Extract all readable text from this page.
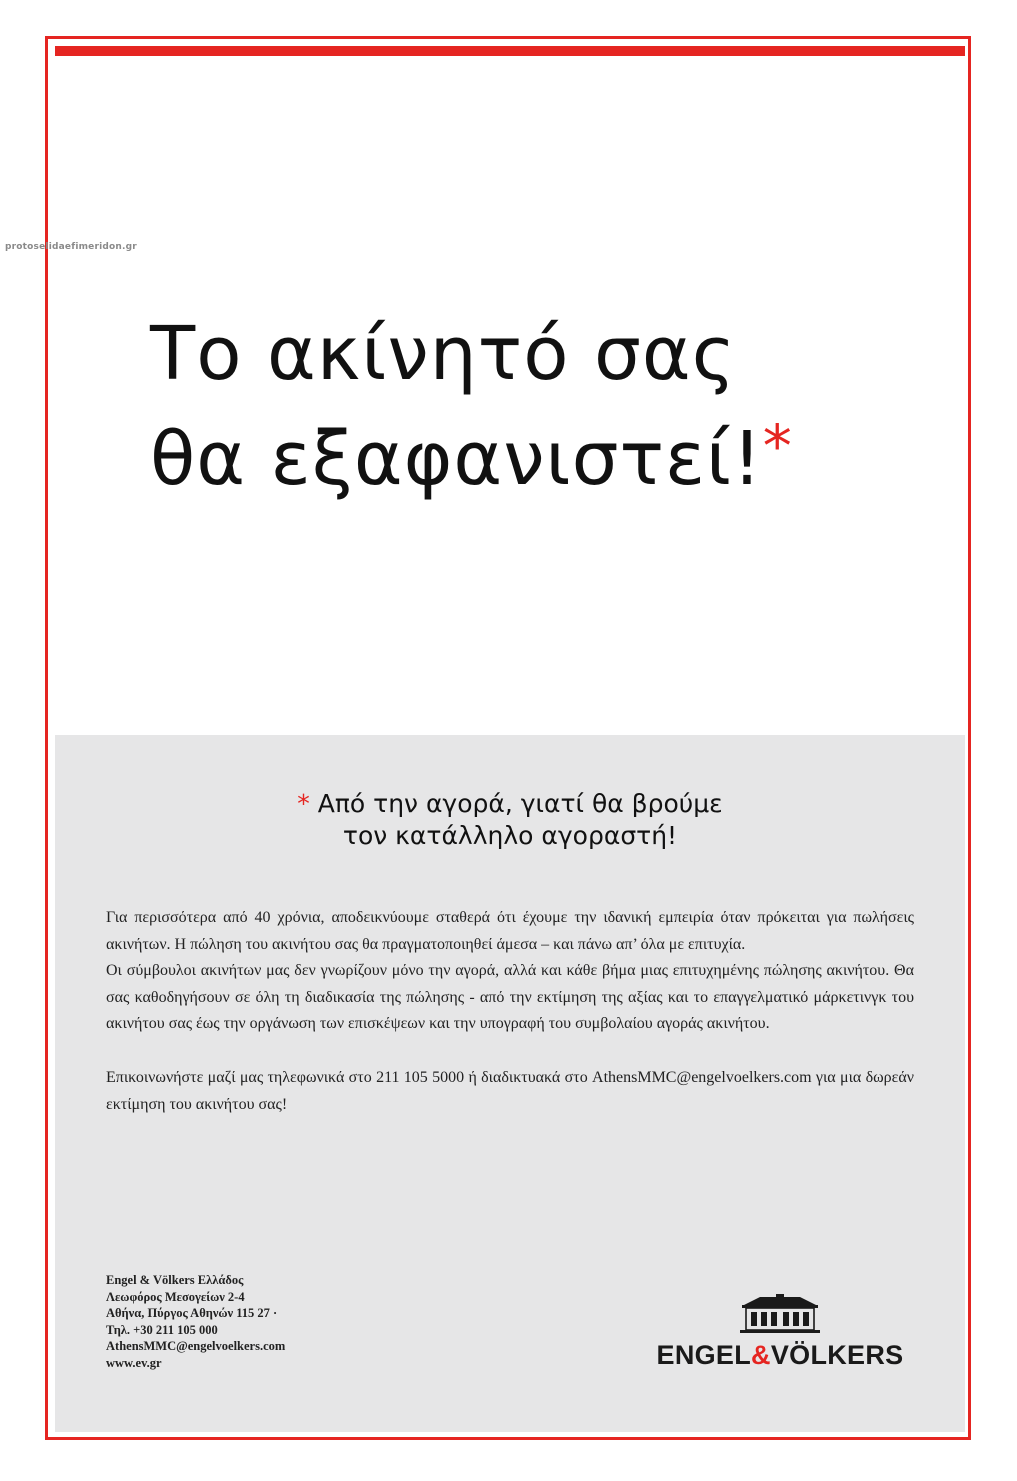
protoselidaefimeridon.gr
Το ακίνητό σας
θα εξαφανιστεί!*
* Από την αγορά, γιατί θα βρούμε
τον κατάλληλο αγοραστή!

Για περισσότερα από 40 χρόνια, αποδεικνύουμε σταθερά ότι έχουμε την ιδανική εμπειρία όταν πρόκειται για πωλήσεις ακινήτων. Η πώληση του ακινήτου σας θα πραγματοποιηθεί άμεσα – και πάνω απ’ όλα με επιτυχία.

Οι σύμβουλοι ακινήτων μας δεν γνωρίζουν μόνο την αγορά, αλλά και κάθε βήμα μιας επιτυχημένης πώλησης ακινήτου. Θα σας καθοδηγήσουν σε όλη τη διαδικασία της πώλησης - από την εκτίμηση της αξίας και το επαγγελματικό μάρκετινγκ του ακινήτου σας έως την οργάνωση των επισκέψεων και την υπογραφή του συμβολαίου αγοράς ακινήτου.

Επικοινωνήστε μαζί μας τηλεφωνικά στο 211 105 5000 ή διαδικτυακά στο AthensMMC@engelvoelkers.com για μια δωρεάν εκτίμηση του ακινήτου σας!

Engel & Völkers Ελλάδος
Λεωφόρος Μεσογείων 2-4
Αθήνα, Πύργος Αθηνών 115 27 ·
Τηλ. +30 211 105 000
AthensMMC@engelvoelkers.com
www.ev.gr	ENGEL&VÖLKERS
